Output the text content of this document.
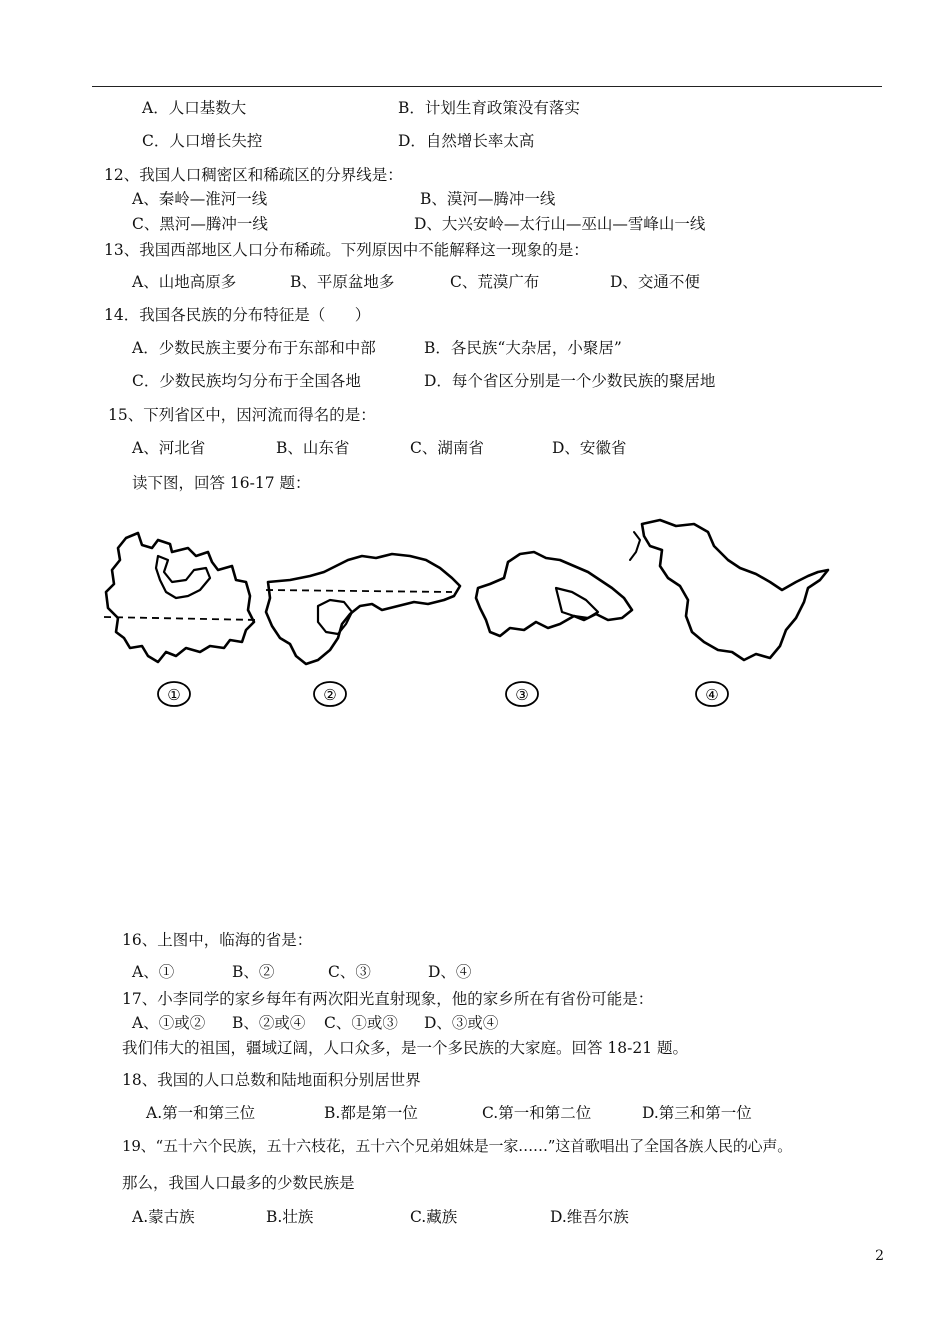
A．人口基数大	B．计划生育政策没有落实
C．人口增长失控	D．自然增长率太高
12、我国人口稠密区和稀疏区的分界线是：
A、秦岭—淮河一线	B、漠河—腾冲一线
C、黑河—腾冲一线	D、大兴安岭—太行山—巫山—雪峰山一线
13、我国西部地区人口分布稀疏。下列原因中不能解释这一现象的是：
A、山地高原多	B、平原盆地多	C、荒漠广布	D、交通不便
14．我国各民族的分布特征是（      ）
A．少数民族主要分布于东部和中部	B．各民族“大杂居，小聚居”
C．少数民族均匀分布于全国各地	D．每个省区分别是一个少数民族的聚居地
15、下列省区中，因河流而得名的是：
A、河北省	B、山东省	C、湖南省	D、安徽省
读下图，回答 16-17 题：
①	②	③	④
16、上图中，临海的省是：
A、①	B、②	C、③	D、④
17、小李同学的家乡每年有两次阳光直射现象，他的家乡所在有省份可能是：
A、①或② B、②或④ C、①或③ D、③或④
我们伟大的祖国，疆域辽阔，人口众多，是一个多民族的大家庭。回答 18-21 题。
18、我国的人口总数和陆地面积分别居世界
A.第一和第三位	B.都是第一位	C.第一和第二位	D.第三和第一位
19、“五十六个民族，五十六枝花，五十六个兄弟姐妹是一家……”这首歌唱出了全国各族人民的心声。
那么，我国人口最多的少数民族是
A.蒙古族	B.壮族	C.藏族	D.维吾尔族
2
